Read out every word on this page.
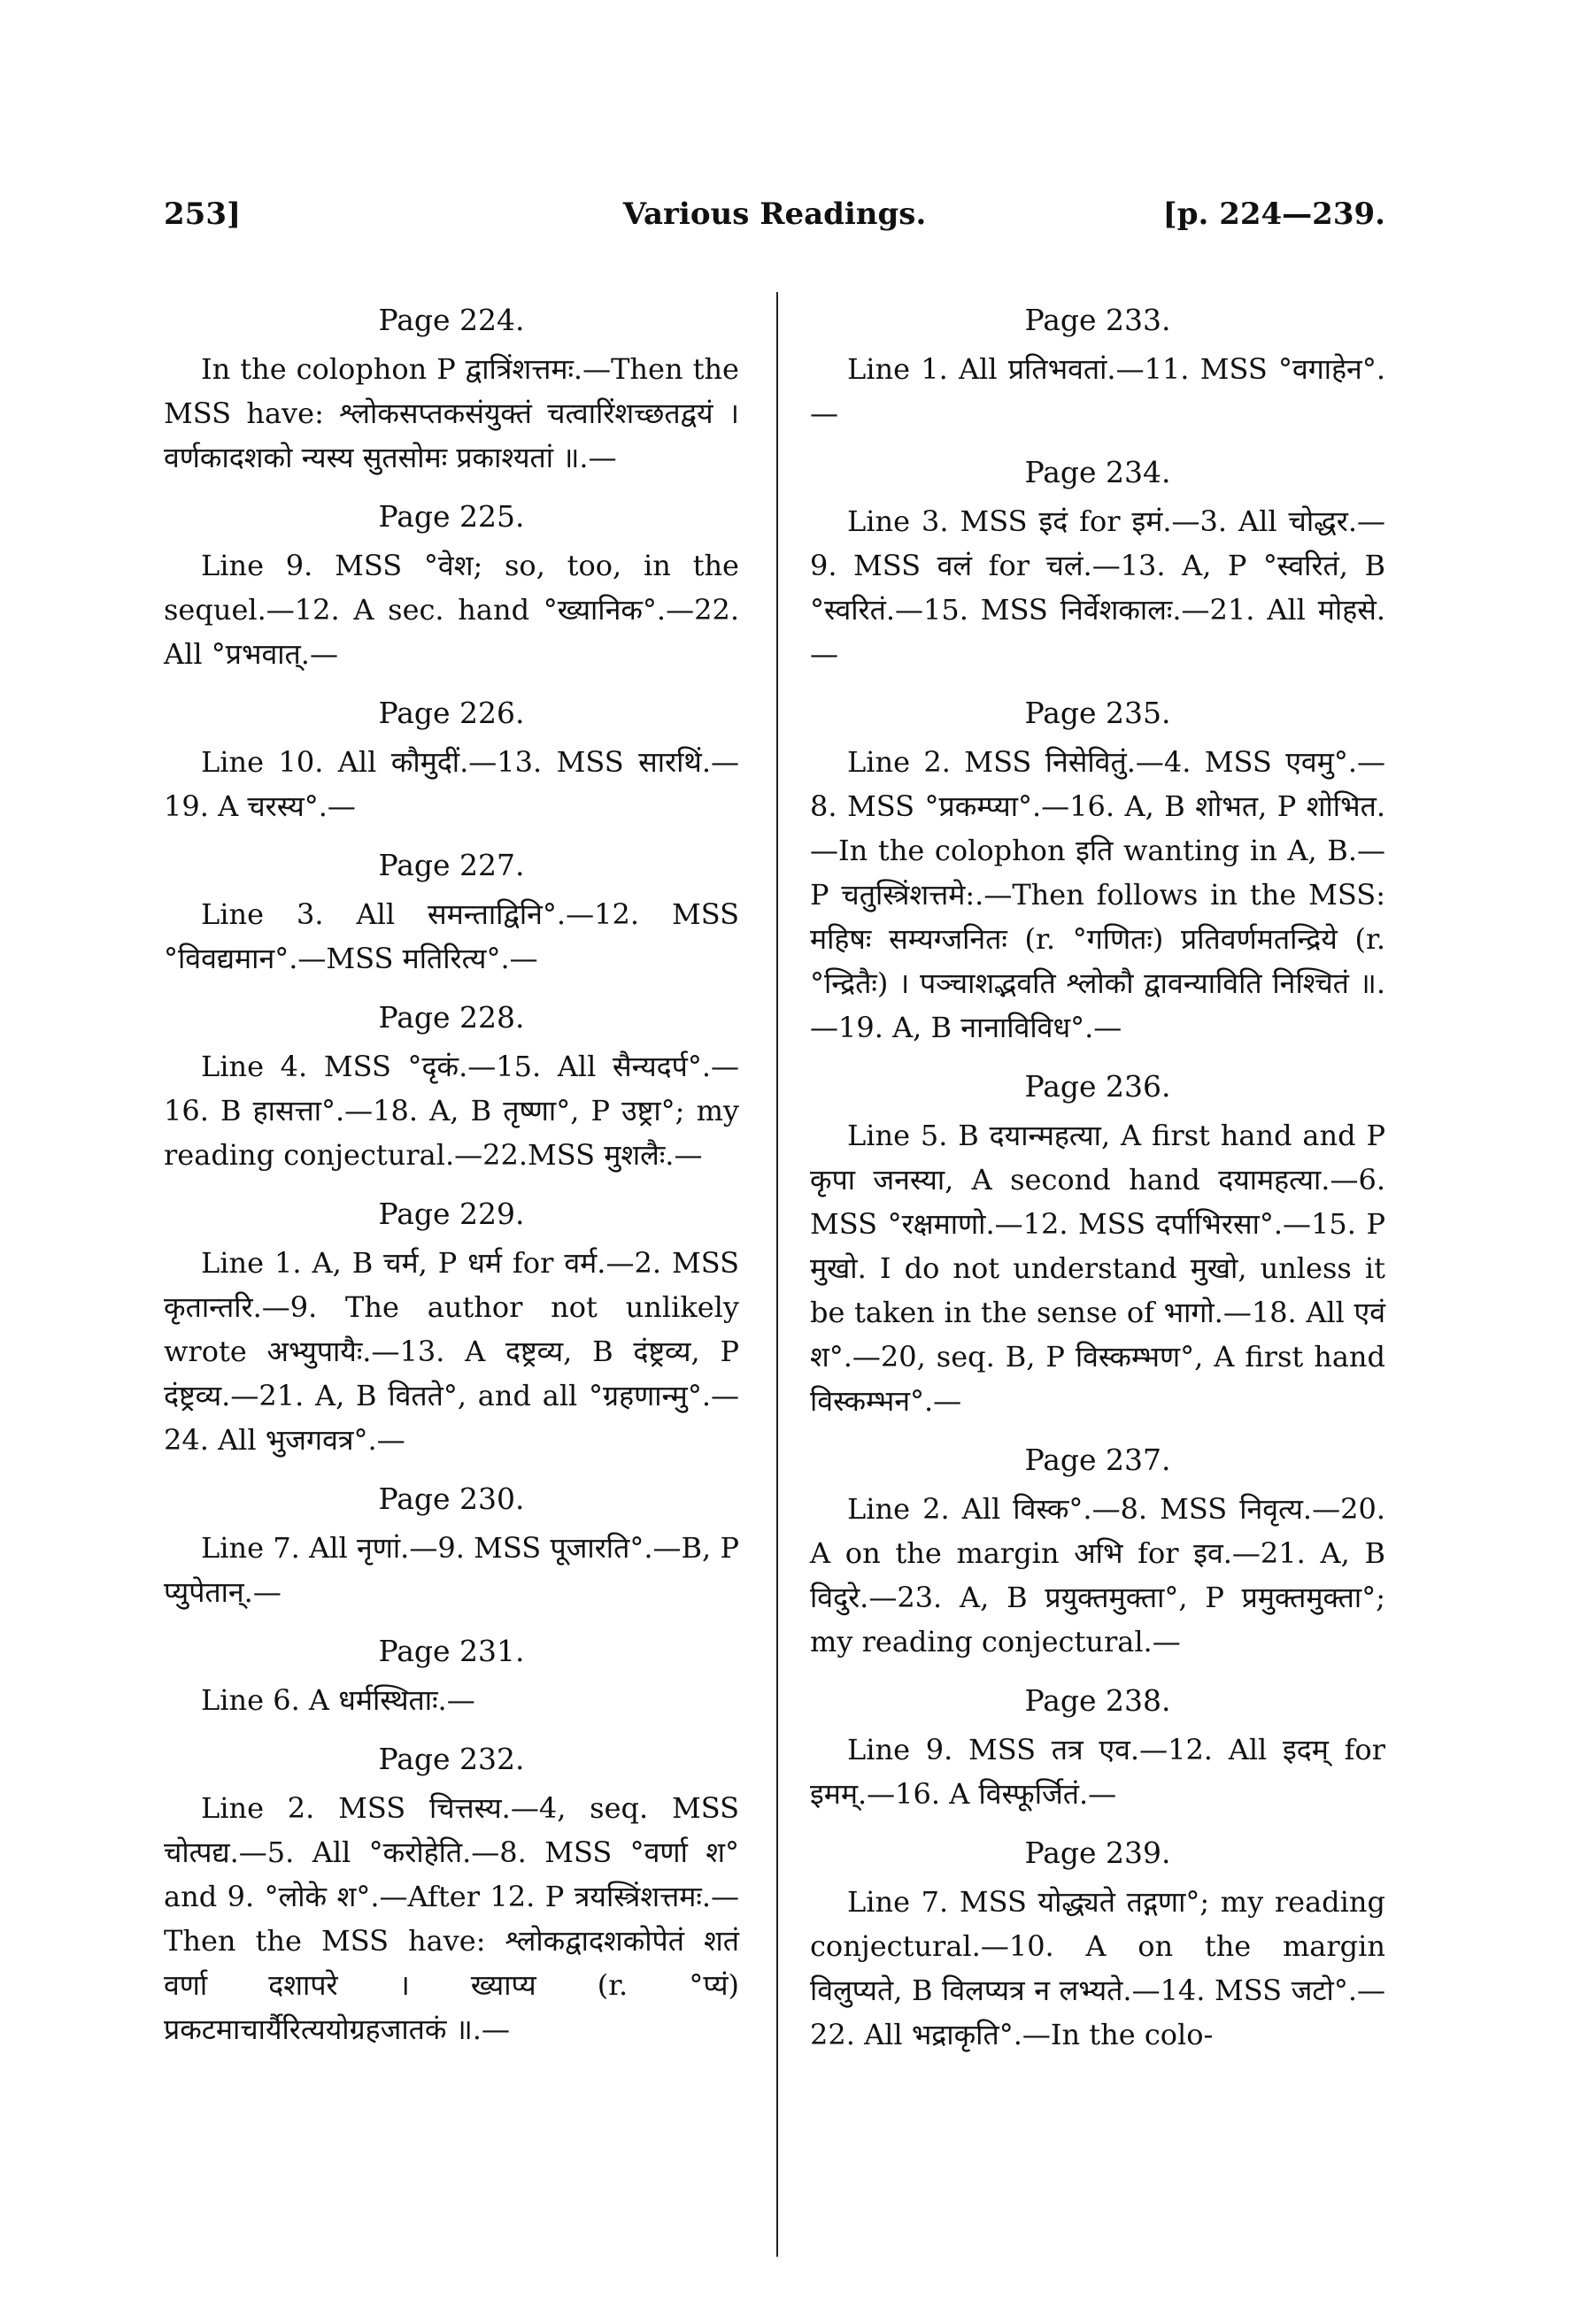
253]	Various Readings.	[p. 224—239.
Page 224.

In the colophon P द्वात्रिंशत्तमः.—Then the MSS have: श्लोकसप्तकसंयुक्तं चत्वारिंशच्छतद्वयं । वर्णकादशको न्यस्य सुतसोमः प्रकाश्यतां ॥.—

Page 225.

Line 9. MSS °वेश; so, too, in the sequel.—12. A sec. hand °ख्यानिक°.—22. All °प्रभवात्.—

Page 226.

Line 10. All कौमुदीं.—13. MSS सारथिं.—19. A चरस्य°.—

Page 227.

Line 3. All समन्ताद्विनि°.—12. MSS °विवद्यमान°.—MSS मतिरित्य°.—

Page 228.

Line 4. MSS °दृकं.—15. All सैन्यदर्प°.—16. B हासत्ता°.—18. A, B तृष्णा°, P उष्ट्रा°; my reading conjectural.—22.MSS मुशलैः.—

Page 229.

Line 1. A, B चर्म, P धर्म for वर्म.—2. MSS कृतान्तरि.—9. The author not unlikely wrote अभ्युपायैः.—13. A दष्ट्रव्य, B दंष्ट्रव्य, P दंष्ट्रव्य.—21. A, B वितते°, and all °ग्रहणान्मु°.—24. All भुजगवत्र°.—

Page 230.

Line 7. All नृणां.—9. MSS पूजारति°.—B, P प्युपेतान्.—

Page 231.

Line 6. A धर्मस्थिताः.—

Page 232.

Line 2. MSS चित्तस्य.—4, seq. MSS चोत्पद्य.—5. All °करोहेति.—8. MSS °वर्णा श° and 9. °लोके श°.—After 12. P त्रयस्त्रिंशत्तमः.—Then the MSS have: श्लोकद्वादशकोपेतं शतं वर्णा दशापरे । ख्याप्य (r. °प्यं) प्रकटमाचार्यैरित्ययोग्रहजातकं ॥.—

Page 233.

Line 1. All प्रतिभवतां.—11. MSS °वगाहेन°.—

Page 234.

Line 3. MSS इदं for इमं.—3. All चोद्धर.—9. MSS वलं for चलं.—13. A, P °स्वरितं, B °स्वरितं.—15. MSS निर्वेशकालः.—21. All मोहसे.—

Page 235.

Line 2. MSS निसेवितुं.—4. MSS एवमु°.—8. MSS °प्रकम्प्या°.—16. A, B शोभत, P शोभित.—In the colophon इति wanting in A, B.—P चतुस्त्रिंशत्तमे:.—Then follows in the MSS: महिषः सम्यग्जनितः (r. °गणितः) प्रतिवर्णमतन्द्रिये (r. °न्द्रितैः) । पञ्चाशद्भवति श्लोकौ द्वावन्याविति निश्चितं ॥.—19. A, B नानाविविध°.—

Page 236.

Line 5. B दयान्महत्या, A first hand and P कृपा जनस्या, A second hand दयामहत्या.—6. MSS °रक्षमाणो.—12. MSS दर्पाभिरसा°.—15. P मुखो. I do not understand मुखो, unless it be taken in the sense of भागो.—18. All एवं श°.—20, seq. B, P विस्कम्भण°, A first hand विस्कम्भन°.—

Page 237.

Line 2. All विस्क°.—8. MSS निवृत्य.—20. A on the margin अभि for इव.—21. A, B विदुरे.—23. A, B प्रयुक्तमुक्ता°, P प्रमुक्तमुक्ता°; my reading conjectural.—

Page 238.

Line 9. MSS तत्र एव.—12. All इदम् for इमम्.—16. A विस्फूर्जितं.—

Page 239.

Line 7. MSS योद्ध्यते तद्गणा°; my reading conjectural.—10. A on the margin विलुप्यते, B विलप्यत्र न लभ्यते.—14. MSS जटो°.—22. All भद्राकृति°.—In the colo-
